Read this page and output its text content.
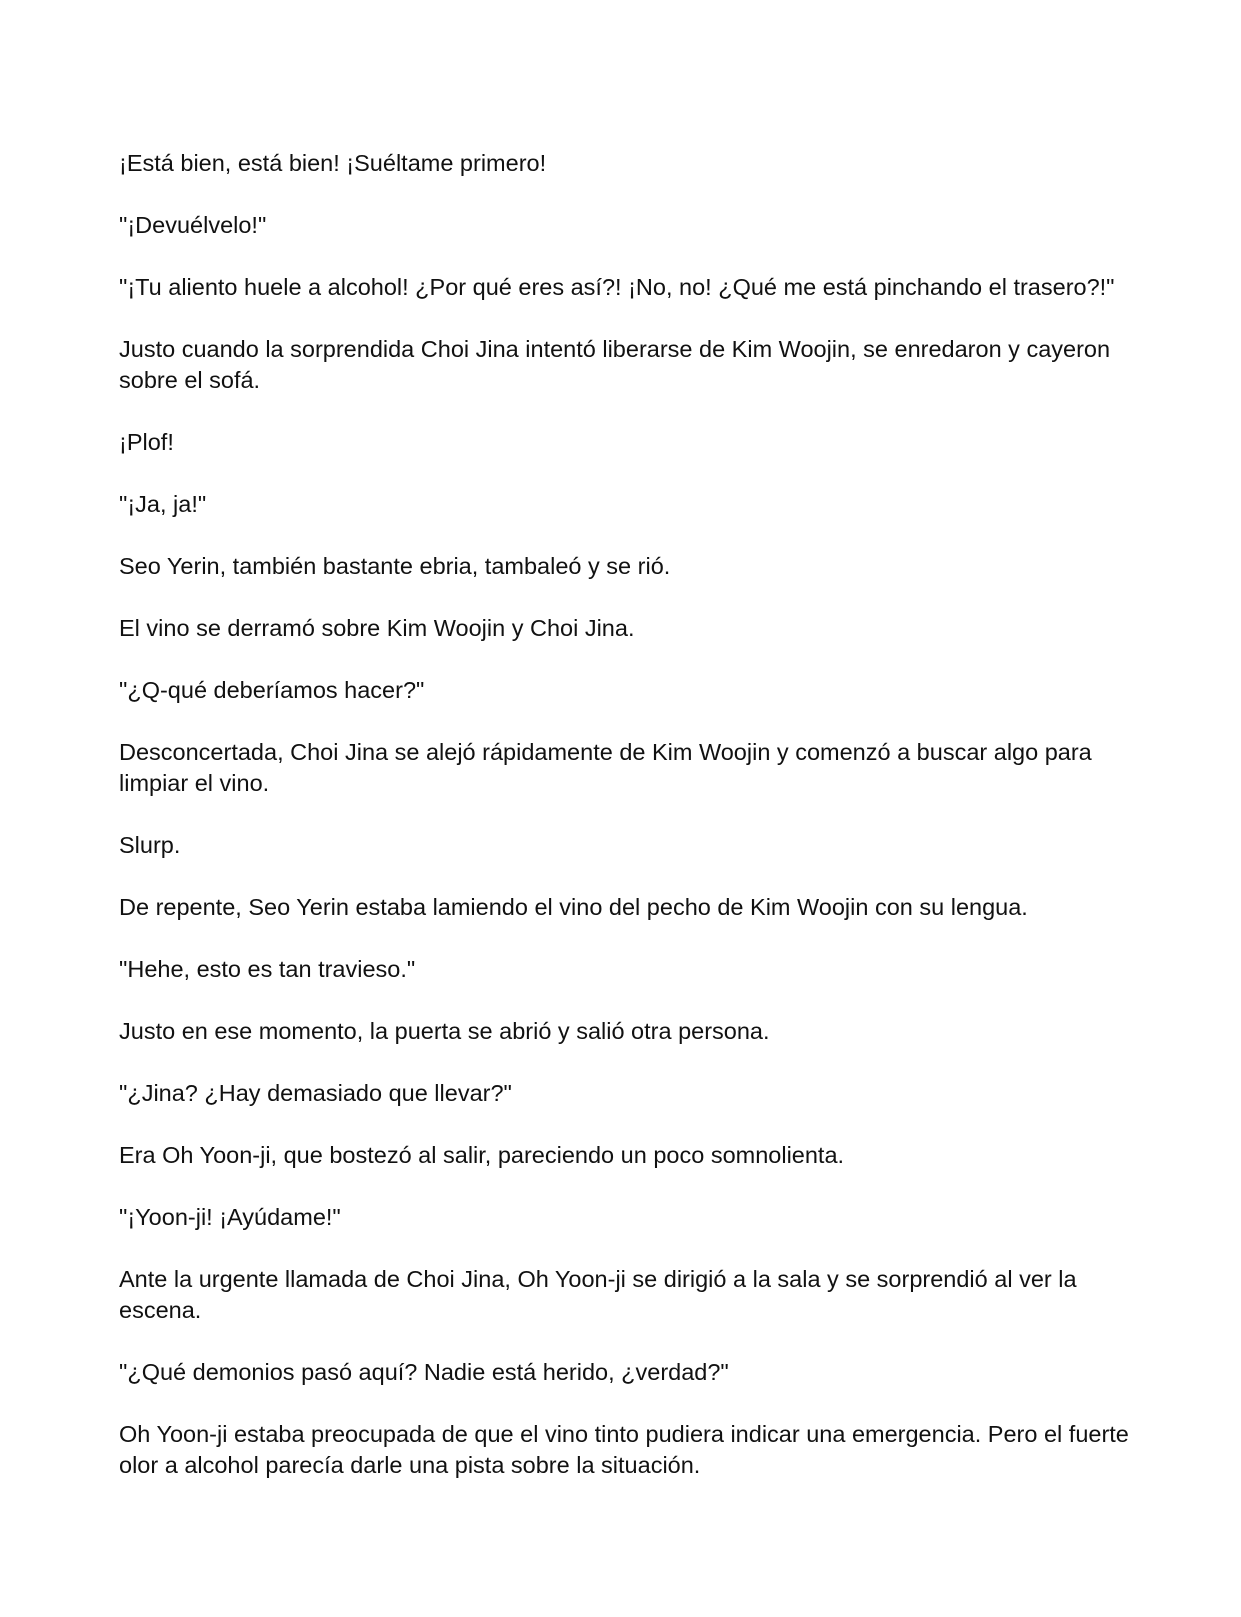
¡Está bien, está bien! ¡Suéltame primero!

"¡Devuélvelo!"

"¡Tu aliento huele a alcohol! ¿Por qué eres así?! ¡No, no! ¿Qué me está pinchando el trasero?!"

Justo cuando la sorprendida Choi Jina intentó liberarse de Kim Woojin, se enredaron y cayeron sobre el sofá.

¡Plof!

"¡Ja, ja!"

Seo Yerin, también bastante ebria, tambaleó y se rió.

El vino se derramó sobre Kim Woojin y Choi Jina.

"¿Q-qué deberíamos hacer?"

Desconcertada, Choi Jina se alejó rápidamente de Kim Woojin y comenzó a buscar algo para limpiar el vino.

Slurp.

De repente, Seo Yerin estaba lamiendo el vino del pecho de Kim Woojin con su lengua.

"Hehe, esto es tan travieso."

Justo en ese momento, la puerta se abrió y salió otra persona.

"¿Jina? ¿Hay demasiado que llevar?"

Era Oh Yoon-ji, que bostezó al salir, pareciendo un poco somnolienta.

"¡Yoon-ji! ¡Ayúdame!"

Ante la urgente llamada de Choi Jina, Oh Yoon-ji se dirigió a la sala y se sorprendió al ver la escena.

"¿Qué demonios pasó aquí? Nadie está herido, ¿verdad?"

Oh Yoon-ji estaba preocupada de que el vino tinto pudiera indicar una emergencia. Pero el fuerte olor a alcohol parecía darle una pista sobre la situación.
